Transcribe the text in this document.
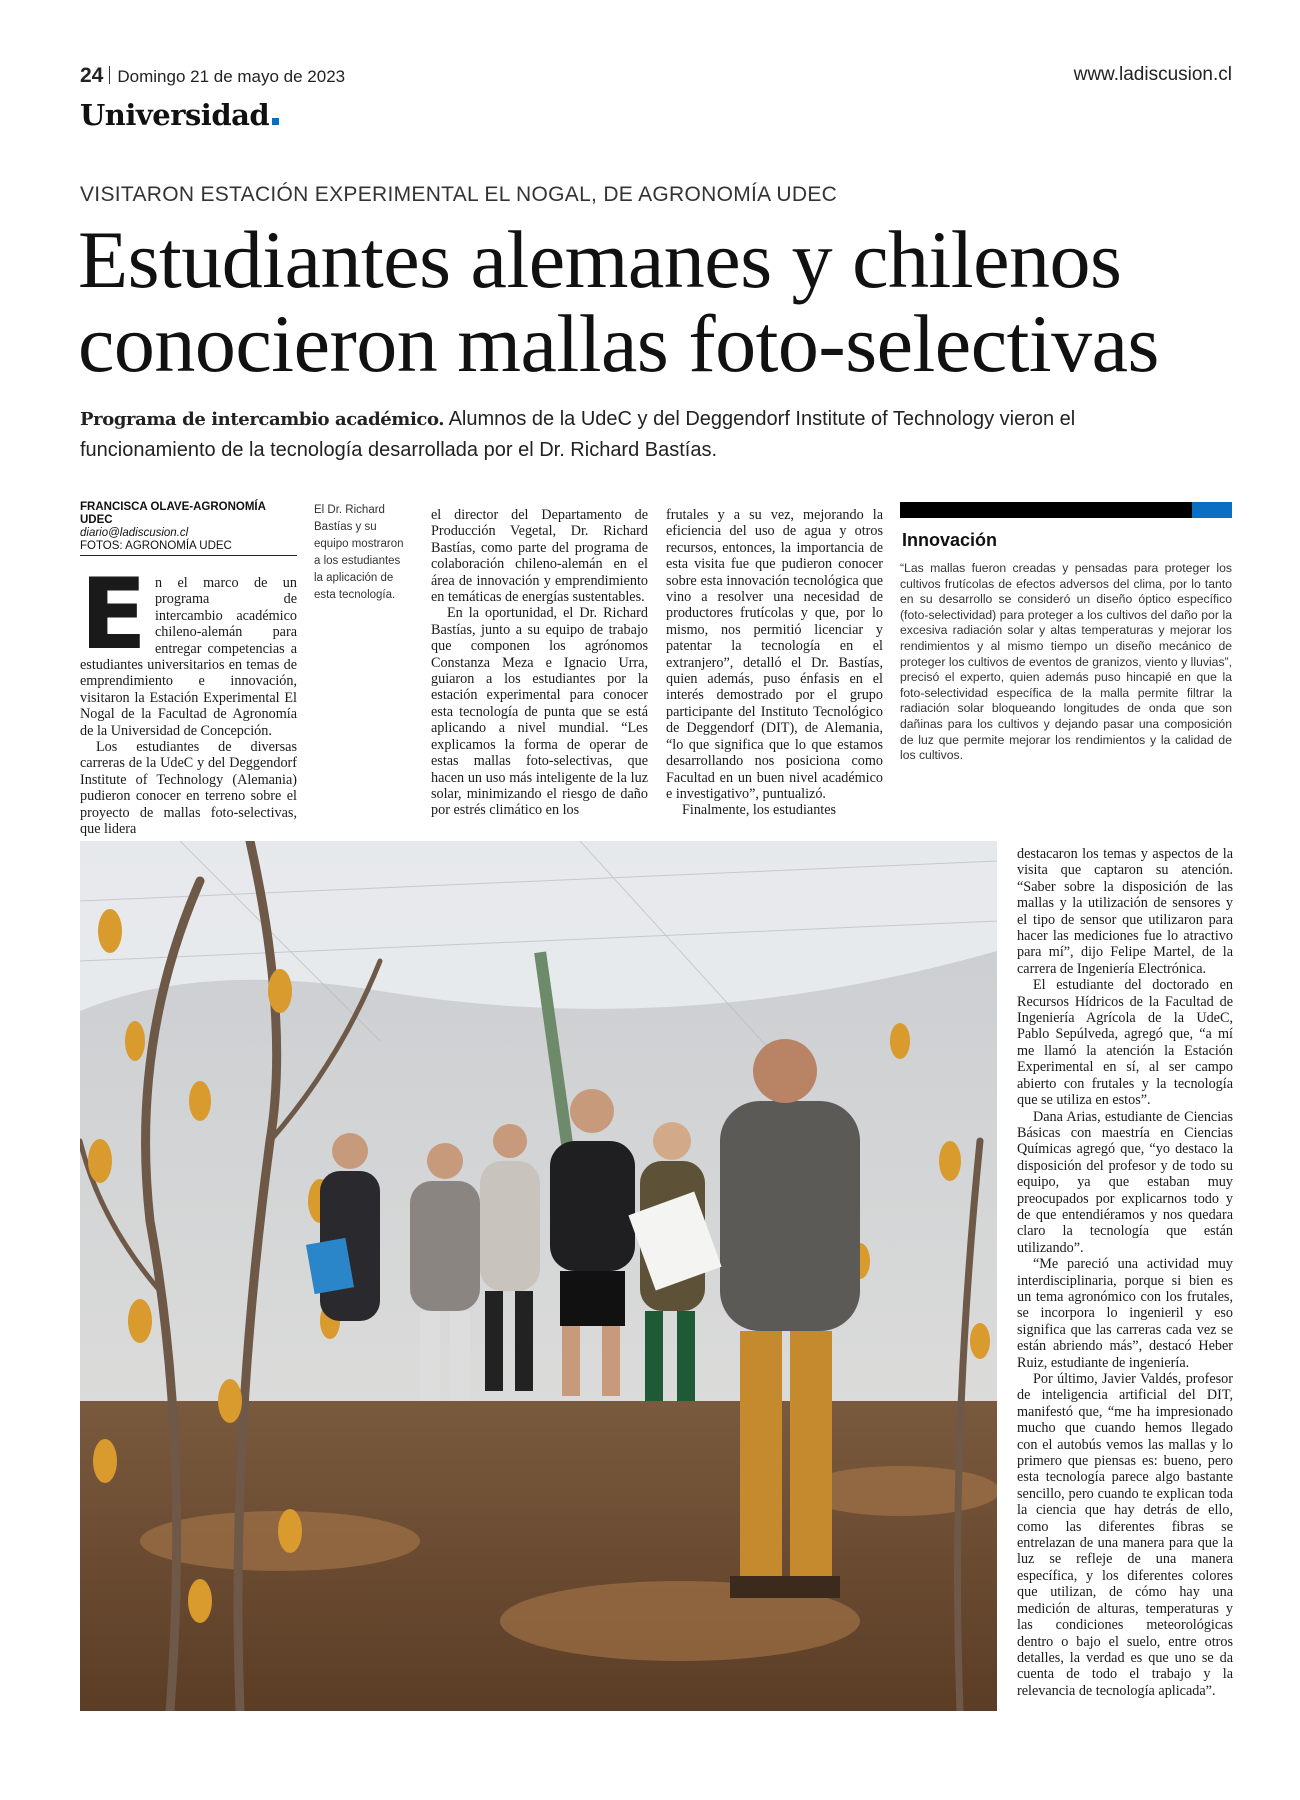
24 Domingo 21 de mayo de 2023	www.ladiscusion.cl
Universidad
VISITARON ESTACIÓN EXPERIMENTAL EL NOGAL, DE AGRONOMÍA UDEC
Estudiantes alemanes y chilenos conocieron mallas foto-selectivas
Programa de intercambio académico. Alumnos de la UdeC y del Deggendorf Institute of Technology vieron el funcionamiento de la tecnología desarrollada por el Dr. Richard Bastías.
FRANCISCA OLAVE-AGRONOMÍA UDEC
diario@ladiscusion.cl
FOTOS: AGRONOMÍA UDEC
El Dr. Richard Bastías y su equipo mostraron a los estudiantes la aplicación de esta tecnología.
E n el marco de un programa de intercambio académico chileno-alemán para entregar competencias a estudiantes universitarios en temas de emprendimiento e innovación, visitaron la Estación Experimental El Nogal de la Facultad de Agronomía de la Universidad de Concepción.

Los estudiantes de diversas carreras de la UdeC y del Deggendorf Institute of Technology (Alemania) pudieron conocer en terreno sobre el proyecto de mallas foto-selectivas, que lidera

el director del Departamento de Producción Vegetal, Dr. Richard Bastías, como parte del programa de colaboración chileno-alemán en el área de innovación y emprendimiento en temáticas de energías sustentables.

En la oportunidad, el Dr. Richard Bastías, junto a su equipo de trabajo que componen los agrónomos Constanza Meza e Ignacio Urra, guiaron a los estudiantes por la estación experimental para conocer esta tecnología de punta que se está aplicando a nivel mundial. “Les explicamos la forma de operar de estas mallas foto-selectivas, que hacen un uso más inteligente de la luz solar, minimizando el riesgo de daño por estrés climático en los

frutales y a su vez, mejorando la eficiencia del uso de agua y otros recursos, entonces, la importancia de esta visita fue que pudieron conocer sobre esta innovación tecnológica que vino a resolver una necesidad de productores frutícolas y que, por lo mismo, nos permitió licenciar y patentar la tecnología en el extranjero”, detalló el Dr. Bastías, quien además, puso énfasis en el interés demostrado por el grupo participante del Instituto Tecnológico de Deggendorf (DIT), de Alemania, “lo que significa que lo que estamos desarrollando nos posiciona como Facultad en un buen nivel académico e investigativo”, puntualizó.

Finalmente, los estudiantes

destacaron los temas y aspectos de la visita que captaron su atención. “Saber sobre la disposición de las mallas y la utilización de sensores y el tipo de sensor que utilizaron para hacer las mediciones fue lo atractivo para mí”, dijo Felipe Martel, de la carrera de Ingeniería Electrónica.

El estudiante del doctorado en Recursos Hídricos de la Facultad de Ingeniería Agrícola de la UdeC, Pablo Sepúlveda, agregó que, “a mí me llamó la atención la Estación Experimental en sí, al ser campo abierto con frutales y la tecnología que se utiliza en estos”.

Dana Arias, estudiante de Ciencias Básicas con maestría en Ciencias Químicas agregó que, “yo destaco la disposición del profesor y de todo su equipo, ya que estaban muy preocupados por explicarnos todo y de que entendiéramos y nos quedara claro la tecnología que están utilizando”.

“Me pareció una actividad muy interdisciplinaria, porque si bien es un tema agronómico con los frutales, se incorpora lo ingenieril y eso significa que las carreras cada vez se están abriendo más”, destacó Heber Ruiz, estudiante de ingeniería.

Por último, Javier Valdés, profesor de inteligencia artificial del DIT, manifestó que, “me ha impresionado mucho que cuando hemos llegado con el autobús vemos las mallas y lo primero que piensas es: bueno, pero esta tecnología parece algo bastante sencillo, pero cuando te explican toda la ciencia que hay detrás de ello, como las diferentes fibras se entrelazan de una manera para que la luz se refleje de una manera específica, y los diferentes colores que utilizan, de cómo hay una medición de alturas, temperaturas y las condiciones meteorológicas dentro o bajo el suelo, entre otros detalles, la verdad es que uno se da cuenta de todo el trabajo y la relevancia de tecnología aplicada”.

Innovación
“Las mallas fueron creadas y pensadas para proteger los cultivos frutícolas de efectos adversos del clima, por lo tanto en su desarrollo se consideró un diseño óptico específico (foto-selectividad) para proteger a los cultivos del daño por la excesiva radiación solar y altas temperaturas y mejorar los rendimientos y al mismo tiempo un diseño mecánico de proteger los cultivos de eventos de granizos, viento y lluvias”, precisó el experto, quien además puso hincapié en que la foto-selectividad específica de la malla permite filtrar la radiación solar bloqueando longitudes de onda que son dañinas para los cultivos y dejando pasar una composición de luz que permite mejorar los rendimientos y la calidad de los cultivos.
